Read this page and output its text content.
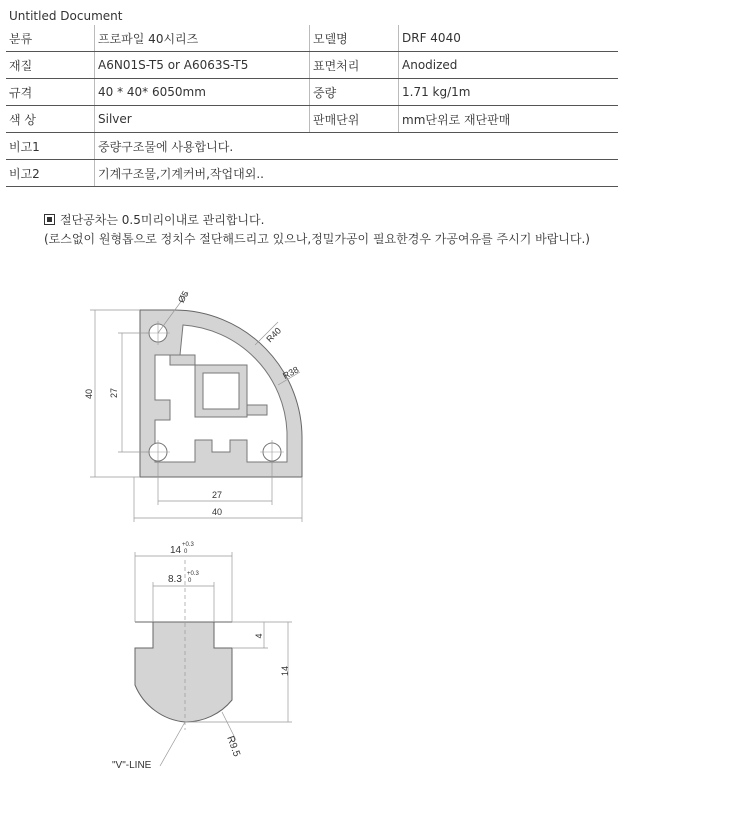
Untitled Document
분류	프로파일 40시리즈	모델명	DRF 4040
재질	A6N01S-T5 or A6063S-T5	표면처리	Anodized
규격	40 * 40* 6050mm	중량	1.71 kg/1m
색 상	Silver	판매단위	mm단위로 재단판매
비고1	중량구조물에 사용합니다.		
비고2	기계구조물,기계커버,작업대외..		
절단공차는 0.5미리이내로 관리합니다.
(로스없이 원형톱으로 정치수 절단해드리고 있으나,정밀가공이 필요한경우 가공여유를 주시기 바랍니다.)
Ø5
R40
R38
40 27
27
40
14 +0.3
0
8.3 +0.3
0
4
14
R9.5
"V"-LINE
